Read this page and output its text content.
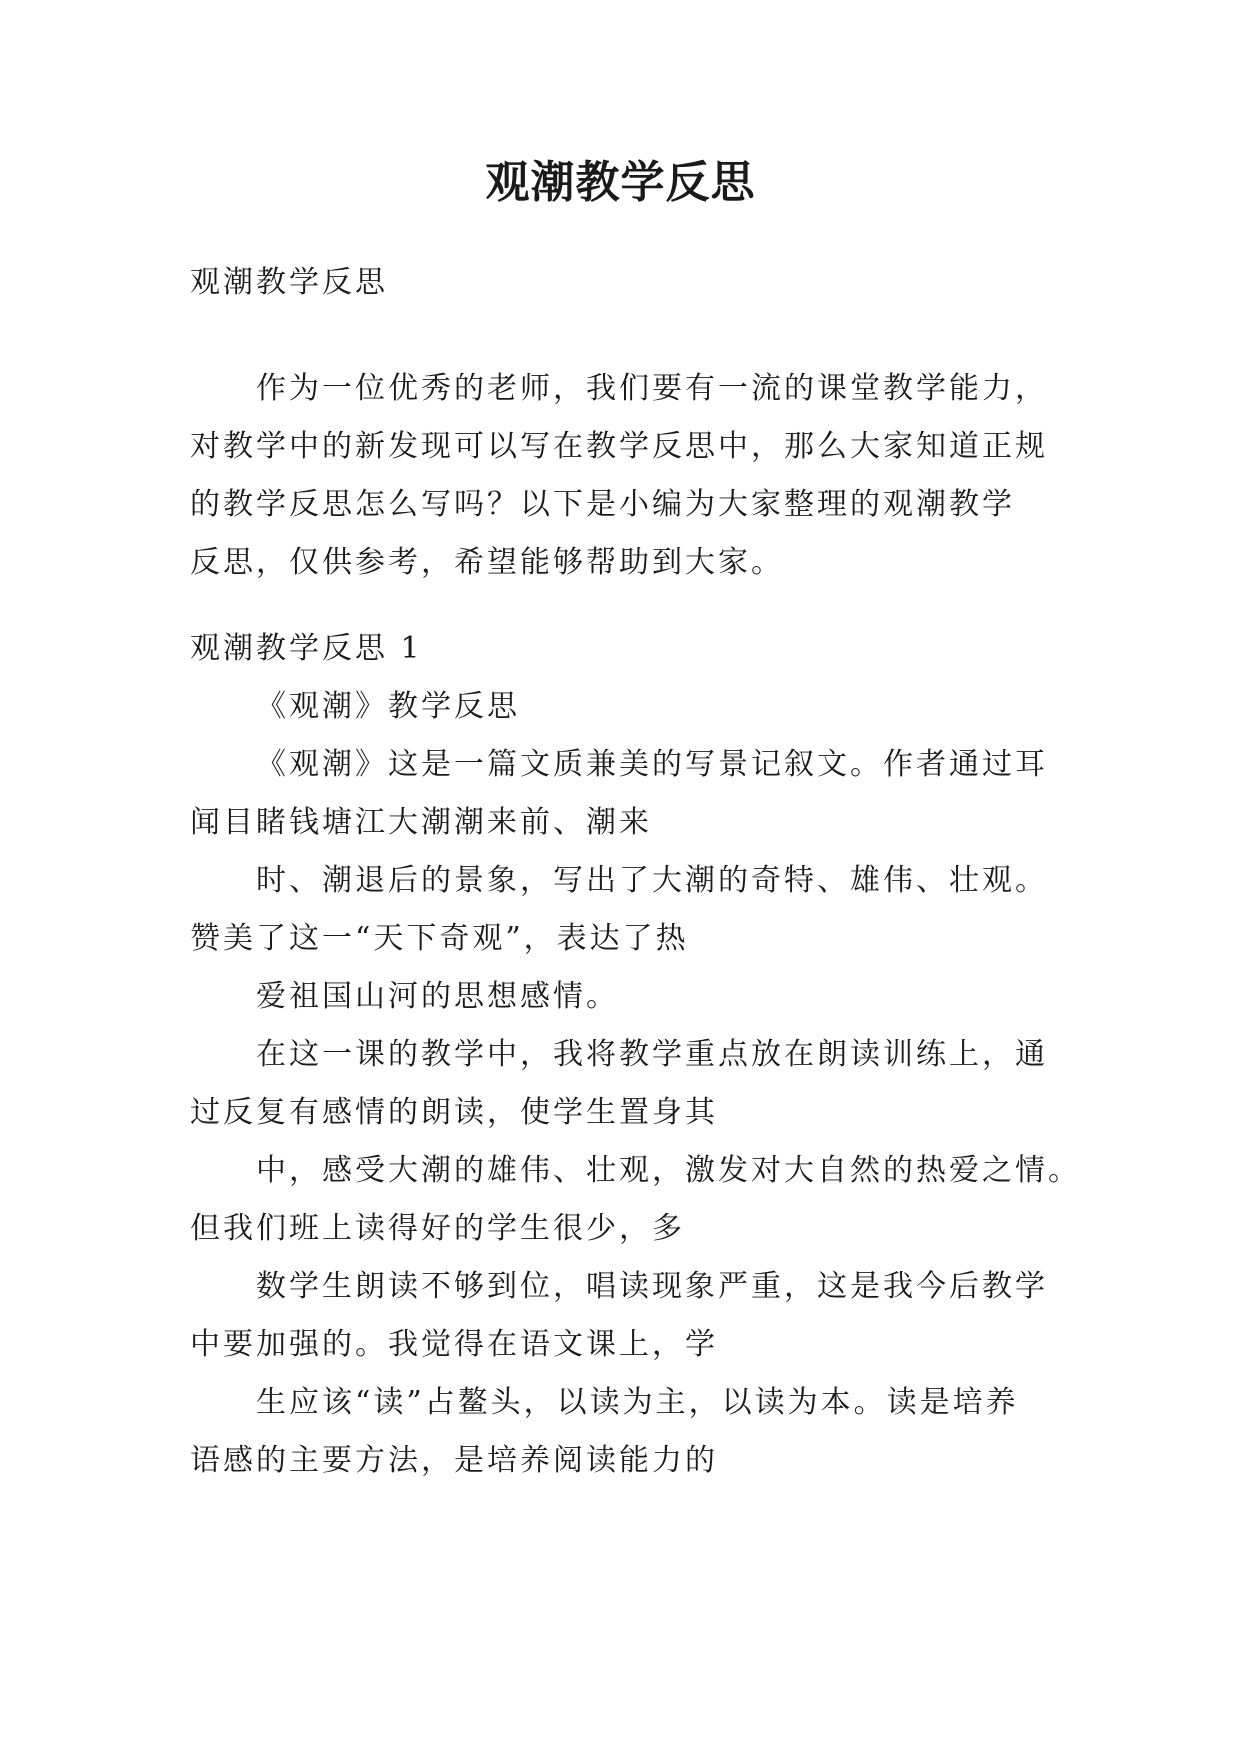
观潮教学反思

观潮教学反思

作为一位优秀的老师，我们要有一流的课堂教学能力，
对教学中的新发现可以写在教学反思中，那么大家知道正规
的教学反思怎么写吗？以下是小编为大家整理的观潮教学
反思，仅供参考，希望能够帮助到大家。

观潮教学反思 1

《观潮》教学反思
《观潮》这是一篇文质兼美的写景记叙文。作者通过耳
闻目睹钱塘江大潮潮来前、潮来
时、潮退后的景象，写出了大潮的奇特、雄伟、壮观。
赞美了这一“天下奇观”，表达了热
爱祖国山河的思想感情。
在这一课的教学中，我将教学重点放在朗读训练上，通
过反复有感情的朗读，使学生置身其
中，感受大潮的雄伟、壮观，激发对大自然的热爱之情。
但我们班上读得好的学生很少，多
数学生朗读不够到位，唱读现象严重，这是我今后教学
中要加强的。我觉得在语文课上，学
生应该“读”占鳌头，以读为主，以读为本。读是培养
语感的主要方法，是培养阅读能力的
